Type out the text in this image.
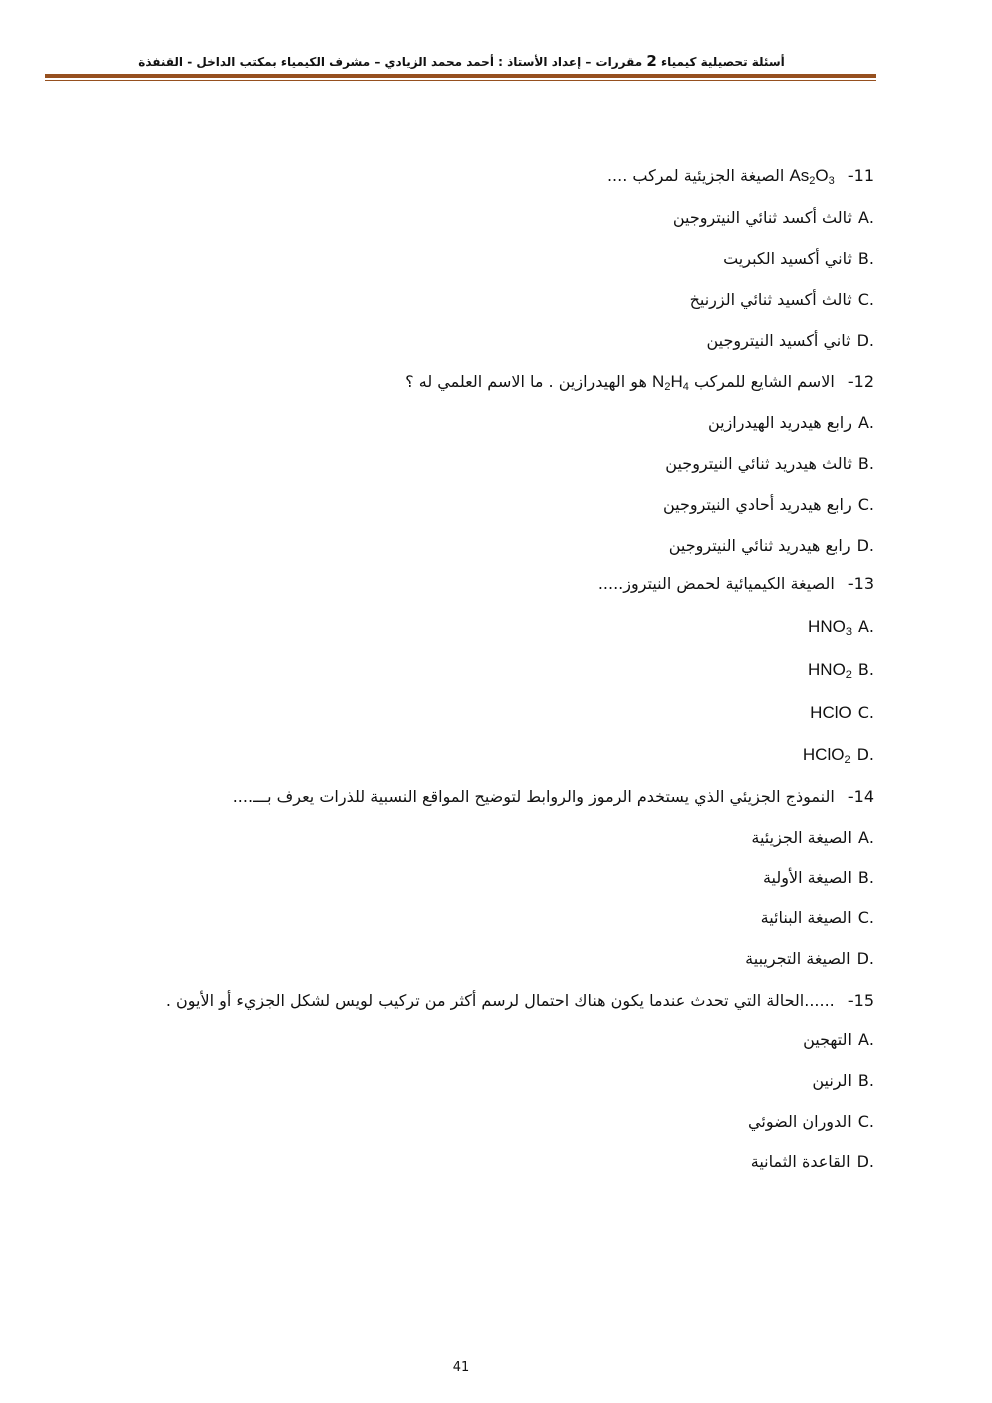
أسئلة تحصيلية كيمياء 2 مقررات – إعداد الأستاذ : أحمد محمد الزيادي – مشرف الكيمياء بمكتب الداخل - القنفذة
11- $As_2O_3$ الصيغة الجزيئية لمركب ....
.Aثالث أكسد ثنائي النيتروجين
.Bثاني أكسيد الكبريت
.Cثالث أكسيد ثنائي الزرنيخ
.Dثاني أكسيد النيتروجين
12- الاسم الشايع للمركب $N_2H_4$ هو الهيدرازين . ما الاسم العلمي له ؟
.Aرابع هيدريد الهيدرازين
.Bثالث هيدريد ثنائي النيتروجين
.Cرابع هيدريد أحادي النيتروجين
.Dرابع هيدريد ثنائي النيتروجين
13- الصيغة الكيميائية لحمض النيتروز.....
$.AHNO_3$
$.BHNO_2$
.CHClO
.DHClO$_2$
14- النموذج الجزيئي الذي يستخدم الرموز والروابط لتوضيح المواقع النسبية للذرات يعرف بـــ....
.Aالصيغة الجزيئية
.Bالصيغة الأولية
.Cالصيغة البنائية
.Dالصيغة التجريبية
15- ......الحالة التي تحدث عندما يكون هناك احتمال لرسم أكثر من تركيب لويس لشكل الجزيء أو الأيون .
.Aالتهجين
.Bالرنين
.Cالدوران الضوئي
.Dالقاعدة الثمانية
41
